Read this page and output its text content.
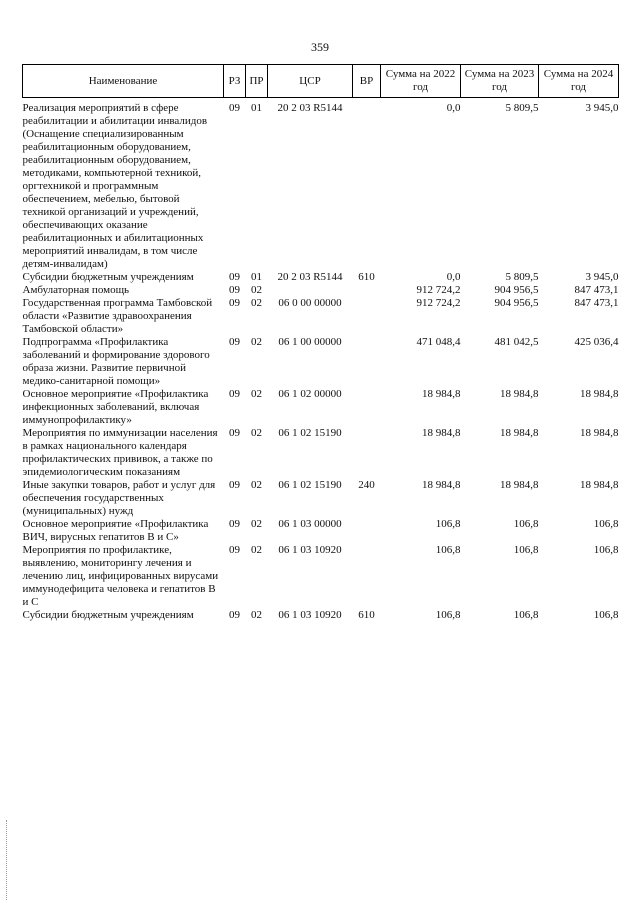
359
Наименование	РЗ	ПР	ЦСР	ВР	Сумма на 2022 год	Сумма на 2023 год	Сумма на 2024 год

Реализация мероприятий в сфере реабилитации и абилитации инвалидов (Оснащение специализированным реабилитационным оборудованием, реабилитационным оборудованием, методиками, компьютерной техникой, оргтехникой и программным обеспечением, мебелью, бытовой техникой организаций и учреждений, обеспечивающих оказание реабилитационных и абилитационных мероприятий инвалидам, в том числе детям-инвалидам)	09	01	20 2 03 R5144		0,0	5 809,5	3 945,0
Субсидии бюджетным учреждениям	09	01	20 2 03 R5144	610	0,0	5 809,5	3 945,0
Амбулаторная помощь	09	02			912 724,2	904 956,5	847 473,1
Государственная программа Тамбовской области «Развитие здравоохранения Тамбовской области»	09	02	06 0 00 00000		912 724,2	904 956,5	847 473,1
Подпрограмма «Профилактика заболеваний и формирование здорового образа жизни. Развитие первичной медико-санитарной помощи»	09	02	06 1 00 00000		471 048,4	481 042,5	425 036,4
Основное мероприятие «Профилактика инфекционных заболеваний, включая иммунопрофилактику»	09	02	06 1 02 00000		18 984,8	18 984,8	18 984,8
Мероприятия по иммунизации населения в рамках национального календаря профилактических прививок, а также по эпидемиологическим показаниям	09	02	06 1 02 15190		18 984,8	18 984,8	18 984,8
Иные закупки товаров, работ и услуг для обеспечения государственных (муниципальных) нужд	09	02	06 1 02 15190	240	18 984,8	18 984,8	18 984,8
Основное мероприятие «Профилактика ВИЧ, вирусных гепатитов В и С»	09	02	06 1 03 00000		106,8	106,8	106,8
Мероприятия по профилактике, выявлению, мониторингу лечения и лечению лиц, инфицированных вирусами иммунодефицита человека и гепатитов В и С	09	02	06 1 03 10920		106,8	106,8	106,8
Субсидии бюджетным учреждениям	09	02	06 1 03 10920	610	106,8	106,8	106,8
